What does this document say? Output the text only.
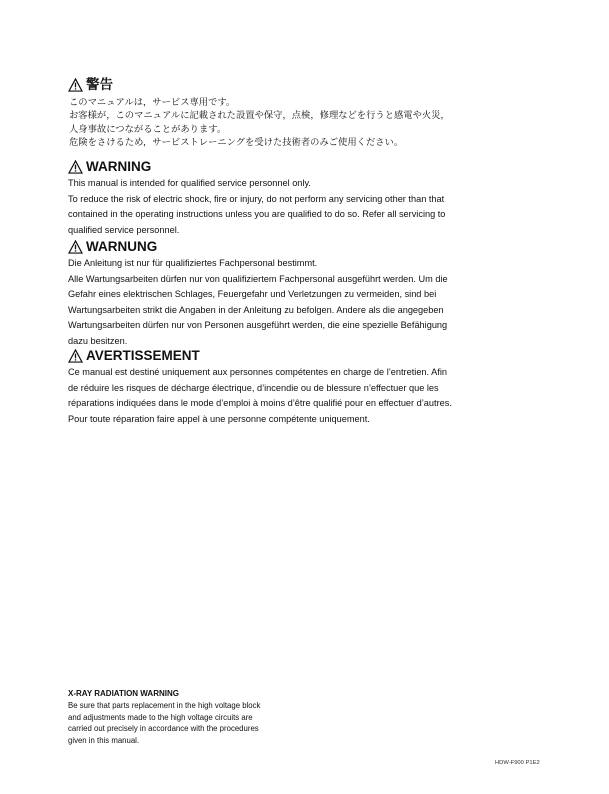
警告
このマニュアルは，サービス専用です。
お客様が，このマニュアルに記載された設置や保守，点検，修理などを行うと感電や火災，
人身事故につながることがあります。
危険をさけるため，サービストレーニングを受けた技術者のみご使用ください。
WARNING
This manual is intended for qualified service personnel only.
To reduce the risk of electric shock, fire or injury, do not perform any servicing other than that
contained in the operating instructions unless you are qualified to do so. Refer all servicing to
qualified service personnel.
WARNUNG
Die Anleitung ist nur für qualifiziertes Fachpersonal bestimmt.
Alle Wartungsarbeiten dürfen nur von qualifiziertem Fachpersonal ausgeführt werden. Um die
Gefahr eines elektrischen Schlages, Feuergefahr und Verletzungen zu vermeiden, sind bei
Wartungsarbeiten strikt die Angaben in der Anleitung zu befolgen. Andere als die angegeben
Wartungsarbeiten dürfen nur von Personen ausgeführt werden, die eine spezielle Befähigung
dazu besitzen.
AVERTISSEMENT
Ce manual est destiné uniquement aux personnes compétentes en charge de l’entretien. Afin
de réduire les risques de décharge électrique, d’incendie ou de blessure n’effectuer que les
réparations indiquées dans le mode d’emploi à moins d’être qualifié pour en effectuer d’autres.
Pour toute réparation faire appel à une personne compétente uniquement.
X-RAY RADIATION WARNING
Be sure that parts replacement in the high voltage block
and adjustments made to the high voltage circuits are
carried out precisely in accordance with the procedures
given in this manual.
HDW-F900 P1E2
